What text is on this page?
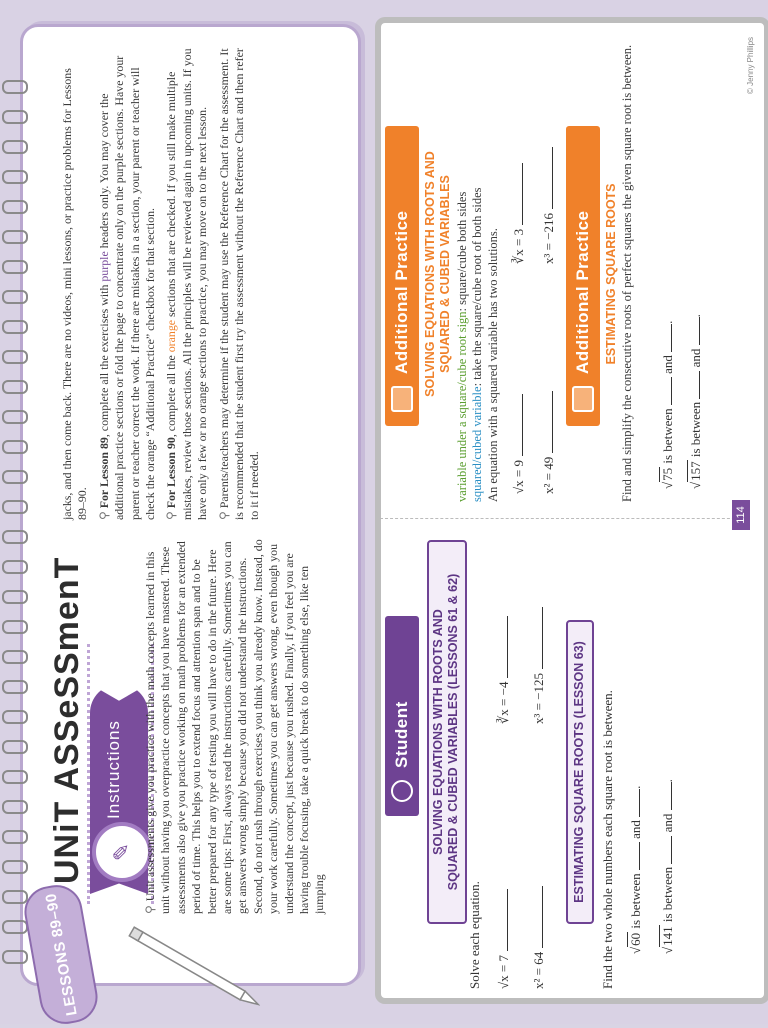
LESSONS 89–90
UNiT ASSeSSmenT	✎
Instructions
⚲Unit assessments give you practice with the math concepts learned in this unit without having you overpractice concepts that you have mastered. These assessments also give you practice working on math problems for an extended period of time. This helps you to extend focus and attention span and to be better prepared for any type of testing you will have to do in the future. Here are some tips: First, always read the instructions carefully. Sometimes you can get answers wrong simply because you did not understand the instructions. Second, do not rush through exercises you think you already know. Instead, do your work carefully. Sometimes you can get answers wrong, even though you understand the concept, just because you rushed. Finally, if you feel you are having trouble focusing, take a quick break to do something else, like ten jumping
jacks, and then come back. There are no videos, mini lessons, or practice problems for Lessons 89–90. ⚲ For Lesson 89, complete all the exercises with purple headers only. You may cover the additional practice sections or fold the page to concentrate only on the purple sections. Have your parent or teacher correct the work. If there are mistakes in a section, your parent or teacher will check the orange “Additional Practice” checkbox for that section. ⚲ For Lesson 90, complete all the orange sections that are checked. If you still make multiple mistakes, review those sections. All the principles will be reviewed again in upcoming units. If you have only a few or no orange sections to practice, you may move on to the next lesson. ⚲ Parents/teachers may determine if the student may use the Reference Chart for the assessment. It is recommended that the student first try the assessment without the Reference Chart and then refer to it if needed.
Student SOLVING EQUATIONS WITH ROOTS AND SQUARED & CUBED VARIABLES (LESSONS 61 & 62)
Solve each equation. √x = 7
∛x = −4
x² = 64
x³ = −125 ESTIMATING SQUARE ROOTS (LESSON 63) Find the two whole numbers each square root is between. √60 is between  and .
√141 is between  and .
Additional Practice SOLVING EQUATIONS WITH ROOTS AND SQUARED & CUBED VARIABLES
variable under a square/cube root sign: square/cube both sides
squared/cubed variable: take the square/cube root of both sides
An equation with a squared variable has two solutions. √x = 9
∛x = 3
x² = 49
x³ = −216 Additional Practice ESTIMATING SQUARE ROOTS Find and simplify the consecutive roots of perfect squares the given square root is between. √75 is between  and .
√157 is between  and .
114
© Jenny Phillips
